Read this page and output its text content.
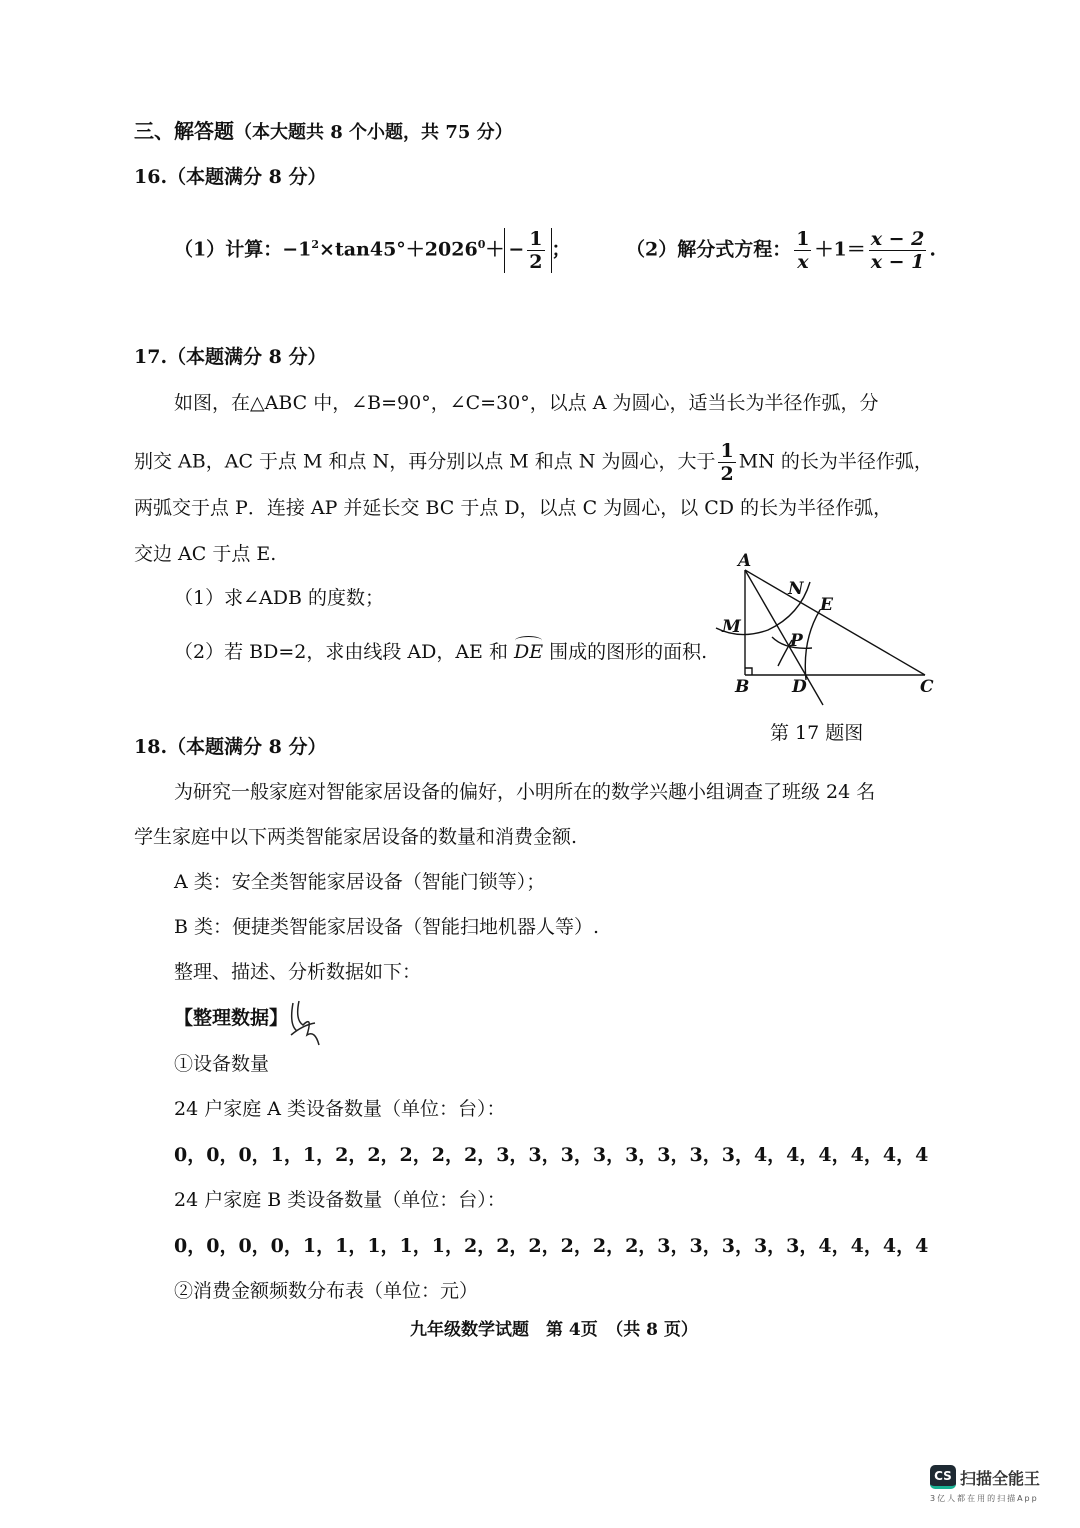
三、解答题（本大题共 8 个小题，共 75 分）
16.（本题满分 8 分）
（1）计算：$-1^2\times\tan 45^\circ+2026^0+ - \frac{1}{2}$ ；	（2）解分式方程： $\frac{1}{x} +1= \frac{x - 2}{x - 1}$ .
17.（本题满分 8 分）
如图，在△ABC 中，∠B=90°，∠C=30°，以点 A 为圆心，适当长为半径作弧，分
别交 AB，AC 于点 M 和点 N，再分别以点 M 和点 N 为圆心，大于 $\frac{1}{2}$ MN 的长为半径作弧，
两弧交于点 P．连接 AP 并延长交 BC 于点 D，以点 C 为圆心，以 CD 的长为半径作弧，
交边 AC 于点 E.
（1）求∠ADB 的度数；
（2）若 BD=2，求由线段 AD，AE 和 DE 围成的图形的面积.
A
B	C
D
E
M
N
P
第 17 题图
18.（本题满分 8 分）
为研究一般家庭对智能家居设备的偏好，小明所在的数学兴趣小组调查了班级 24 名
学生家庭中以下两类智能家居设备的数量和消费金额.
A 类：安全类智能家居设备（智能门锁等）；
B 类：便捷类智能家居设备（智能扫地机器人等）.
整理、描述、分析数据如下：
【整理数据】
①设备数量
24 户家庭 A 类设备数量（单位：台）：
0，0，0，1，1，2，2，2，2，2，3，3，3，3，3，3，3，3，4，4，4，4，4，4
24 户家庭 B 类设备数量（单位：台）：
0，0，0，0，1，1，1，1，1，2，2，2，2，2，2，3，3，3，3，3，4，4，4，4
②消费金额频数分布表（单位：元）
九年级数学试题　第 4页　（共 8 页）
CS 扫描全能王
3亿人都在用的扫描App
